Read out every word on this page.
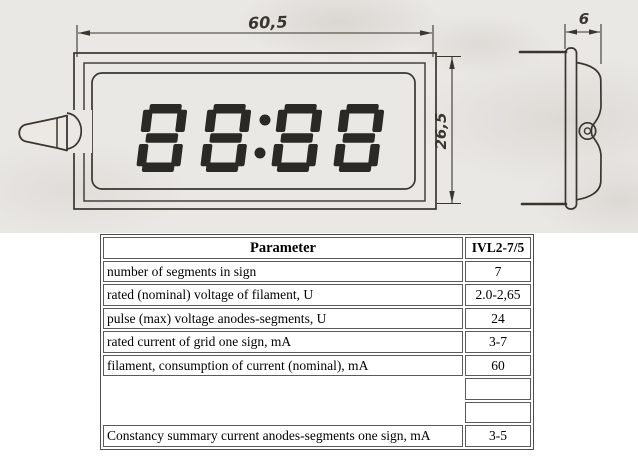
60,5
26,5
6
Parameter	IVL2-7/5
number of segments in sign	7
rated (nominal) voltage of filament, U	2.0-2,65
pulse (max) voltage anodes-segments, U	24
rated current of grid one sign, mA	3-7
filament, consumption of current (nominal), mA	60
Constancy summary current anodes-segments one sign, mA	3-5
